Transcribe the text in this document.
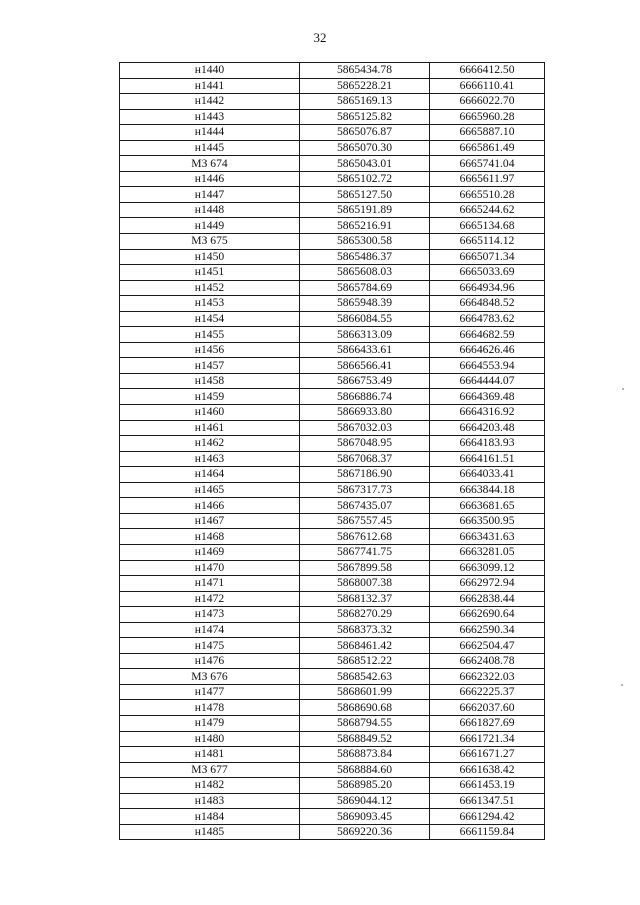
32
н1440	5865434.78	6666412.50
н1441	5865228.21	6666110.41
н1442	5865169.13	6666022.70
н1443	5865125.82	6665960.28
н1444	5865076.87	6665887.10
н1445	5865070.30	6665861.49
МЗ 674	5865043.01	6665741.04
н1446	5865102.72	6665611.97
н1447	5865127.50	6665510.28
н1448	5865191.89	6665244.62
н1449	5865216.91	6665134.68
МЗ 675	5865300.58	6665114.12
н1450	5865486.37	6665071.34
н1451	5865608.03	6665033.69
н1452	5865784.69	6664934.96
н1453	5865948.39	6664848.52
н1454	5866084.55	6664783.62
н1455	5866313.09	6664682.59
н1456	5866433.61	6664626.46
н1457	5866566.41	6664553.94
н1458	5866753.49	6664444.07
н1459	5866886.74	6664369.48
н1460	5866933.80	6664316.92
н1461	5867032.03	6664203.48
н1462	5867048.95	6664183.93
н1463	5867068.37	6664161.51
н1464	5867186.90	6664033.41
н1465	5867317.73	6663844.18
н1466	5867435.07	6663681.65
н1467	5867557.45	6663500.95
н1468	5867612.68	6663431.63
н1469	5867741.75	6663281.05
н1470	5867899.58	6663099.12
н1471	5868007.38	6662972.94
н1472	5868132.37	6662838.44
н1473	5868270.29	6662690.64
н1474	5868373.32	6662590.34
н1475	5868461.42	6662504.47
н1476	5868512.22	6662408.78
МЗ 676	5868542.63	6662322.03
н1477	5868601.99	6662225.37
н1478	5868690.68	6662037.60
н1479	5868794.55	6661827.69
н1480	5868849.52	6661721.34
н1481	5868873.84	6661671.27
МЗ 677	5868884.60	6661638.42
н1482	5868985.20	6661453.19
н1483	5869044.12	6661347.51
н1484	5869093.45	6661294.42
н1485	5869220.36	6661159.84
